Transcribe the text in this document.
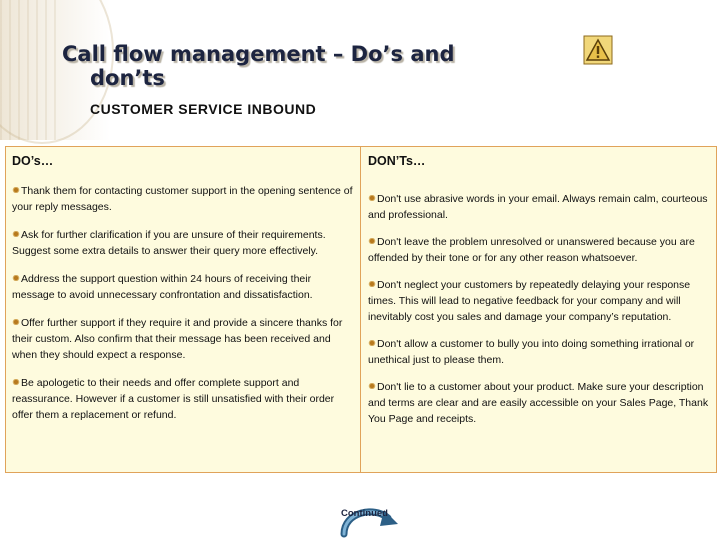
Call flow management – Do’s and
don’ts

CUSTOMER SERVICE INBOUND

DO’s…

Thank them for contacting customer support in the opening sentence of your reply messages.

Ask for further clarification if you are unsure of their requirements. Suggest some extra details to answer their query more effectively.

Address the support question within 24 hours of receiving their message to avoid unnecessary confrontation and dissatisfaction.

Offer further support if they require it and provide a sincere thanks for their custom. Also confirm that their message has been received and when they should expect a response.

Be apologetic to their needs and offer complete support and reassurance. However if a customer is still unsatisfied with their order offer them a replacement or refund.

DON’Ts…

Don't use abrasive words in your email. Always remain calm, courteous and professional.

Don't leave the problem unresolved or unanswered because you are offended by their tone or for any other reason whatsoever.

Don't neglect your customers by repeatedly delaying your response times. This will lead to negative feedback for your company and will inevitably cost you sales and damage your company’s reputation.

Don't allow a customer to bully you into doing something irrational or unethical just to please them.

Don't lie to a customer about your product. Make sure your description and terms are clear and are easily accessible on your Sales Page, Thank You Page and receipts.

Continued
